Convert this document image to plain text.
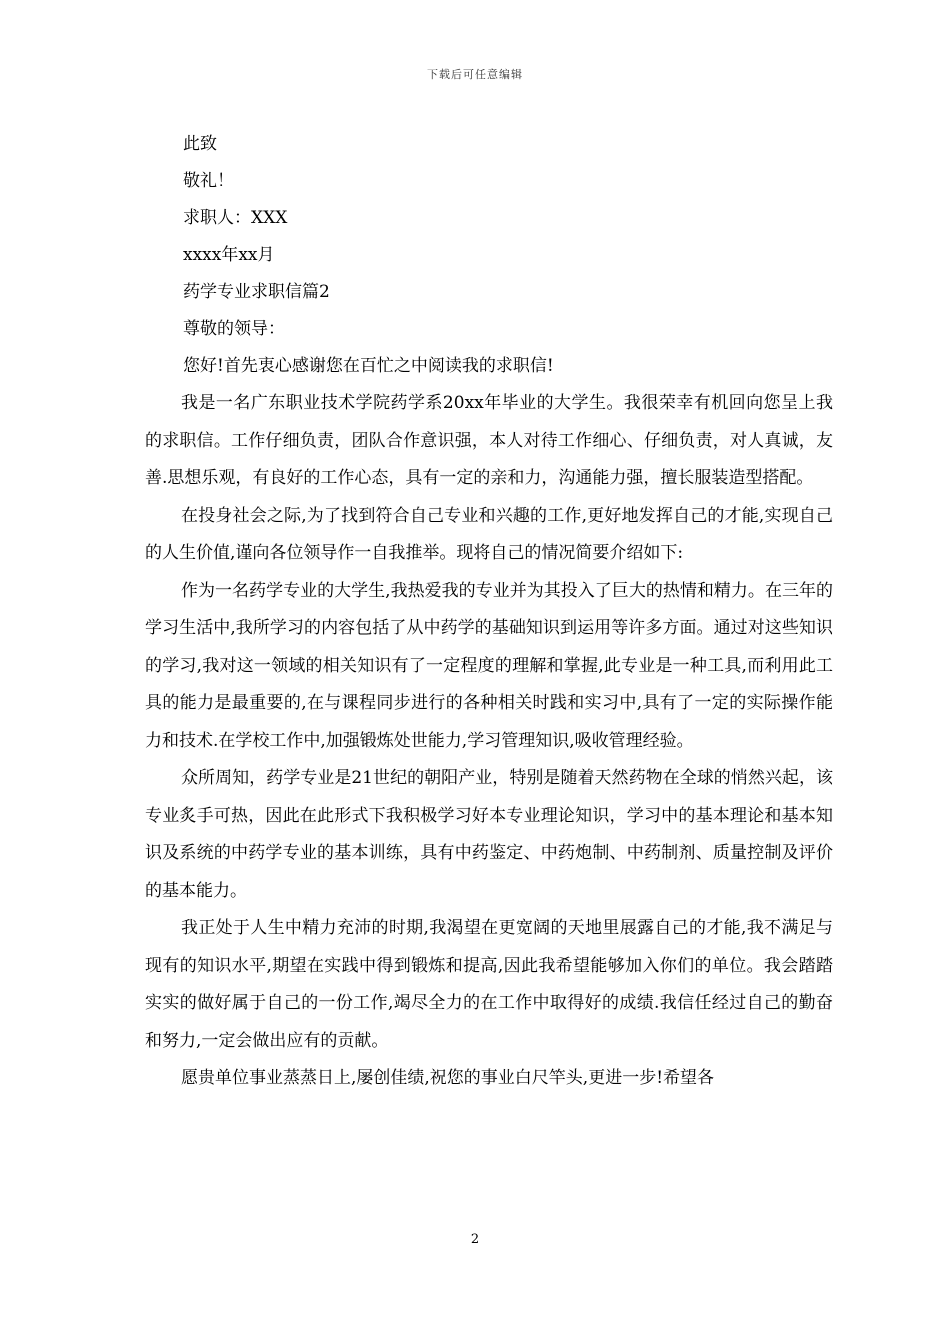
下载后可任意编辑

此致

敬礼！

求职人：XXX

xxxx年xx月

药学专业求职信篇2

尊敬的领导：

您好!首先衷心感谢您在百忙之中阅读我的求职信!

我是一名广东职业技术学院药学系20xx年毕业的大学生。我很荣幸有机回向您呈上我的求职信。工作仔细负责，团队合作意识强，本人对待工作细心、仔细负责，对人真诚，友善.思想乐观，有良好的工作心态，具有一定的亲和力，沟通能力强，擅长服装造型搭配。

在投身社会之际,为了找到符合自己专业和兴趣的工作,更好地发挥自己的才能,实现自己的人生价值,谨向各位领导作一自我推举。现将自己的情况简要介绍如下:

作为一名药学专业的大学生,我热爱我的专业并为其投入了巨大的热情和精力。在三年的学习生活中,我所学习的内容包括了从中药学的基础知识到运用等许多方面。通过对这些知识的学习,我对这一领域的相关知识有了一定程度的理解和掌握,此专业是一种工具,而利用此工具的能力是最重要的,在与课程同步进行的各种相关时践和实习中,具有了一定的实际操作能力和技术.在学校工作中,加强锻炼处世能力,学习管理知识,吸收管理经验。

众所周知，药学专业是21世纪的朝阳产业，特别是随着天然药物在全球的悄然兴起，该专业炙手可热，因此在此形式下我积极学习好本专业理论知识，学习中的基本理论和基本知识及系统的中药学专业的基本训练，具有中药鉴定、中药炮制、中药制剂、质量控制及评价的基本能力。

我正处于人生中精力充沛的时期,我渴望在更宽阔的天地里展露自己的才能,我不满足与现有的知识水平,期望在实践中得到锻炼和提高,因此我希望能够加入你们的单位。我会踏踏实实的做好属于自己的一份工作,竭尽全力的在工作中取得好的成绩.我信任经过自己的勤奋和努力,一定会做出应有的贡献。

愿贵单位事业蒸蒸日上,屡创佳绩,祝您的事业白尺竿头,更进一步!希望各

2
